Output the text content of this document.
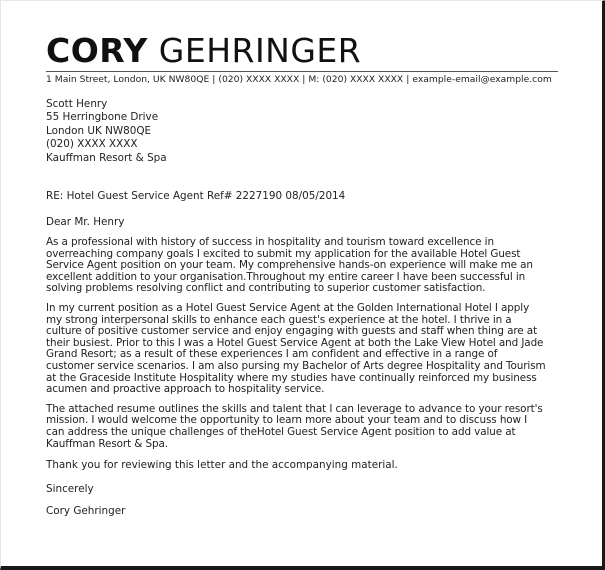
CORY GEHRINGER
1 Main Street, London, UK NW80QE | (020) XXXX XXXX | M: (020) XXXX XXXX | example-email@example.com
Scott Henry
55 Herringbone Drive
London UK NW80QE
(020) XXXX XXXX
Kauffman Resort & Spa
RE: Hotel Guest Service Agent Ref# 2227190 08/05/2014
Dear Mr. Henry
As a professional with history of success in hospitality and tourism toward excellence in
overreaching company goals I excited to submit my application for the available Hotel Guest
Service Agent position on your team. My comprehensive hands-on experience will make me an
excellent addition to your organisation.Throughout my entire career I have been successful in
solving problems resolving conflict and contributing to superior customer satisfaction.
In my current position as a Hotel Guest Service Agent at the Golden International Hotel I apply
my strong interpersonal skills to enhance each guest's experience at the hotel. I thrive in a
culture of positive customer service and enjoy engaging with guests and staff when thing are at
their busiest. Prior to this I was a Hotel Guest Service Agent at both the Lake View Hotel and Jade
Grand Resort; as a result of these experiences I am confident and effective in a range of
customer service scenarios. I am also pursing my Bachelor of Arts degree Hospitality and Tourism
at the Graceside Institute Hospitality where my studies have continually reinforced my business
acumen and proactive approach to hospitality service.
The attached resume outlines the skills and talent that I can leverage to advance to your resort's
mission. I would welcome the opportunity to learn more about your team and to discuss how I
can address the unique challenges of theHotel Guest Service Agent position to add value at
Kauffman Resort & Spa.
Thank you for reviewing this letter and the accompanying material.
Sincerely
Cory Gehringer
